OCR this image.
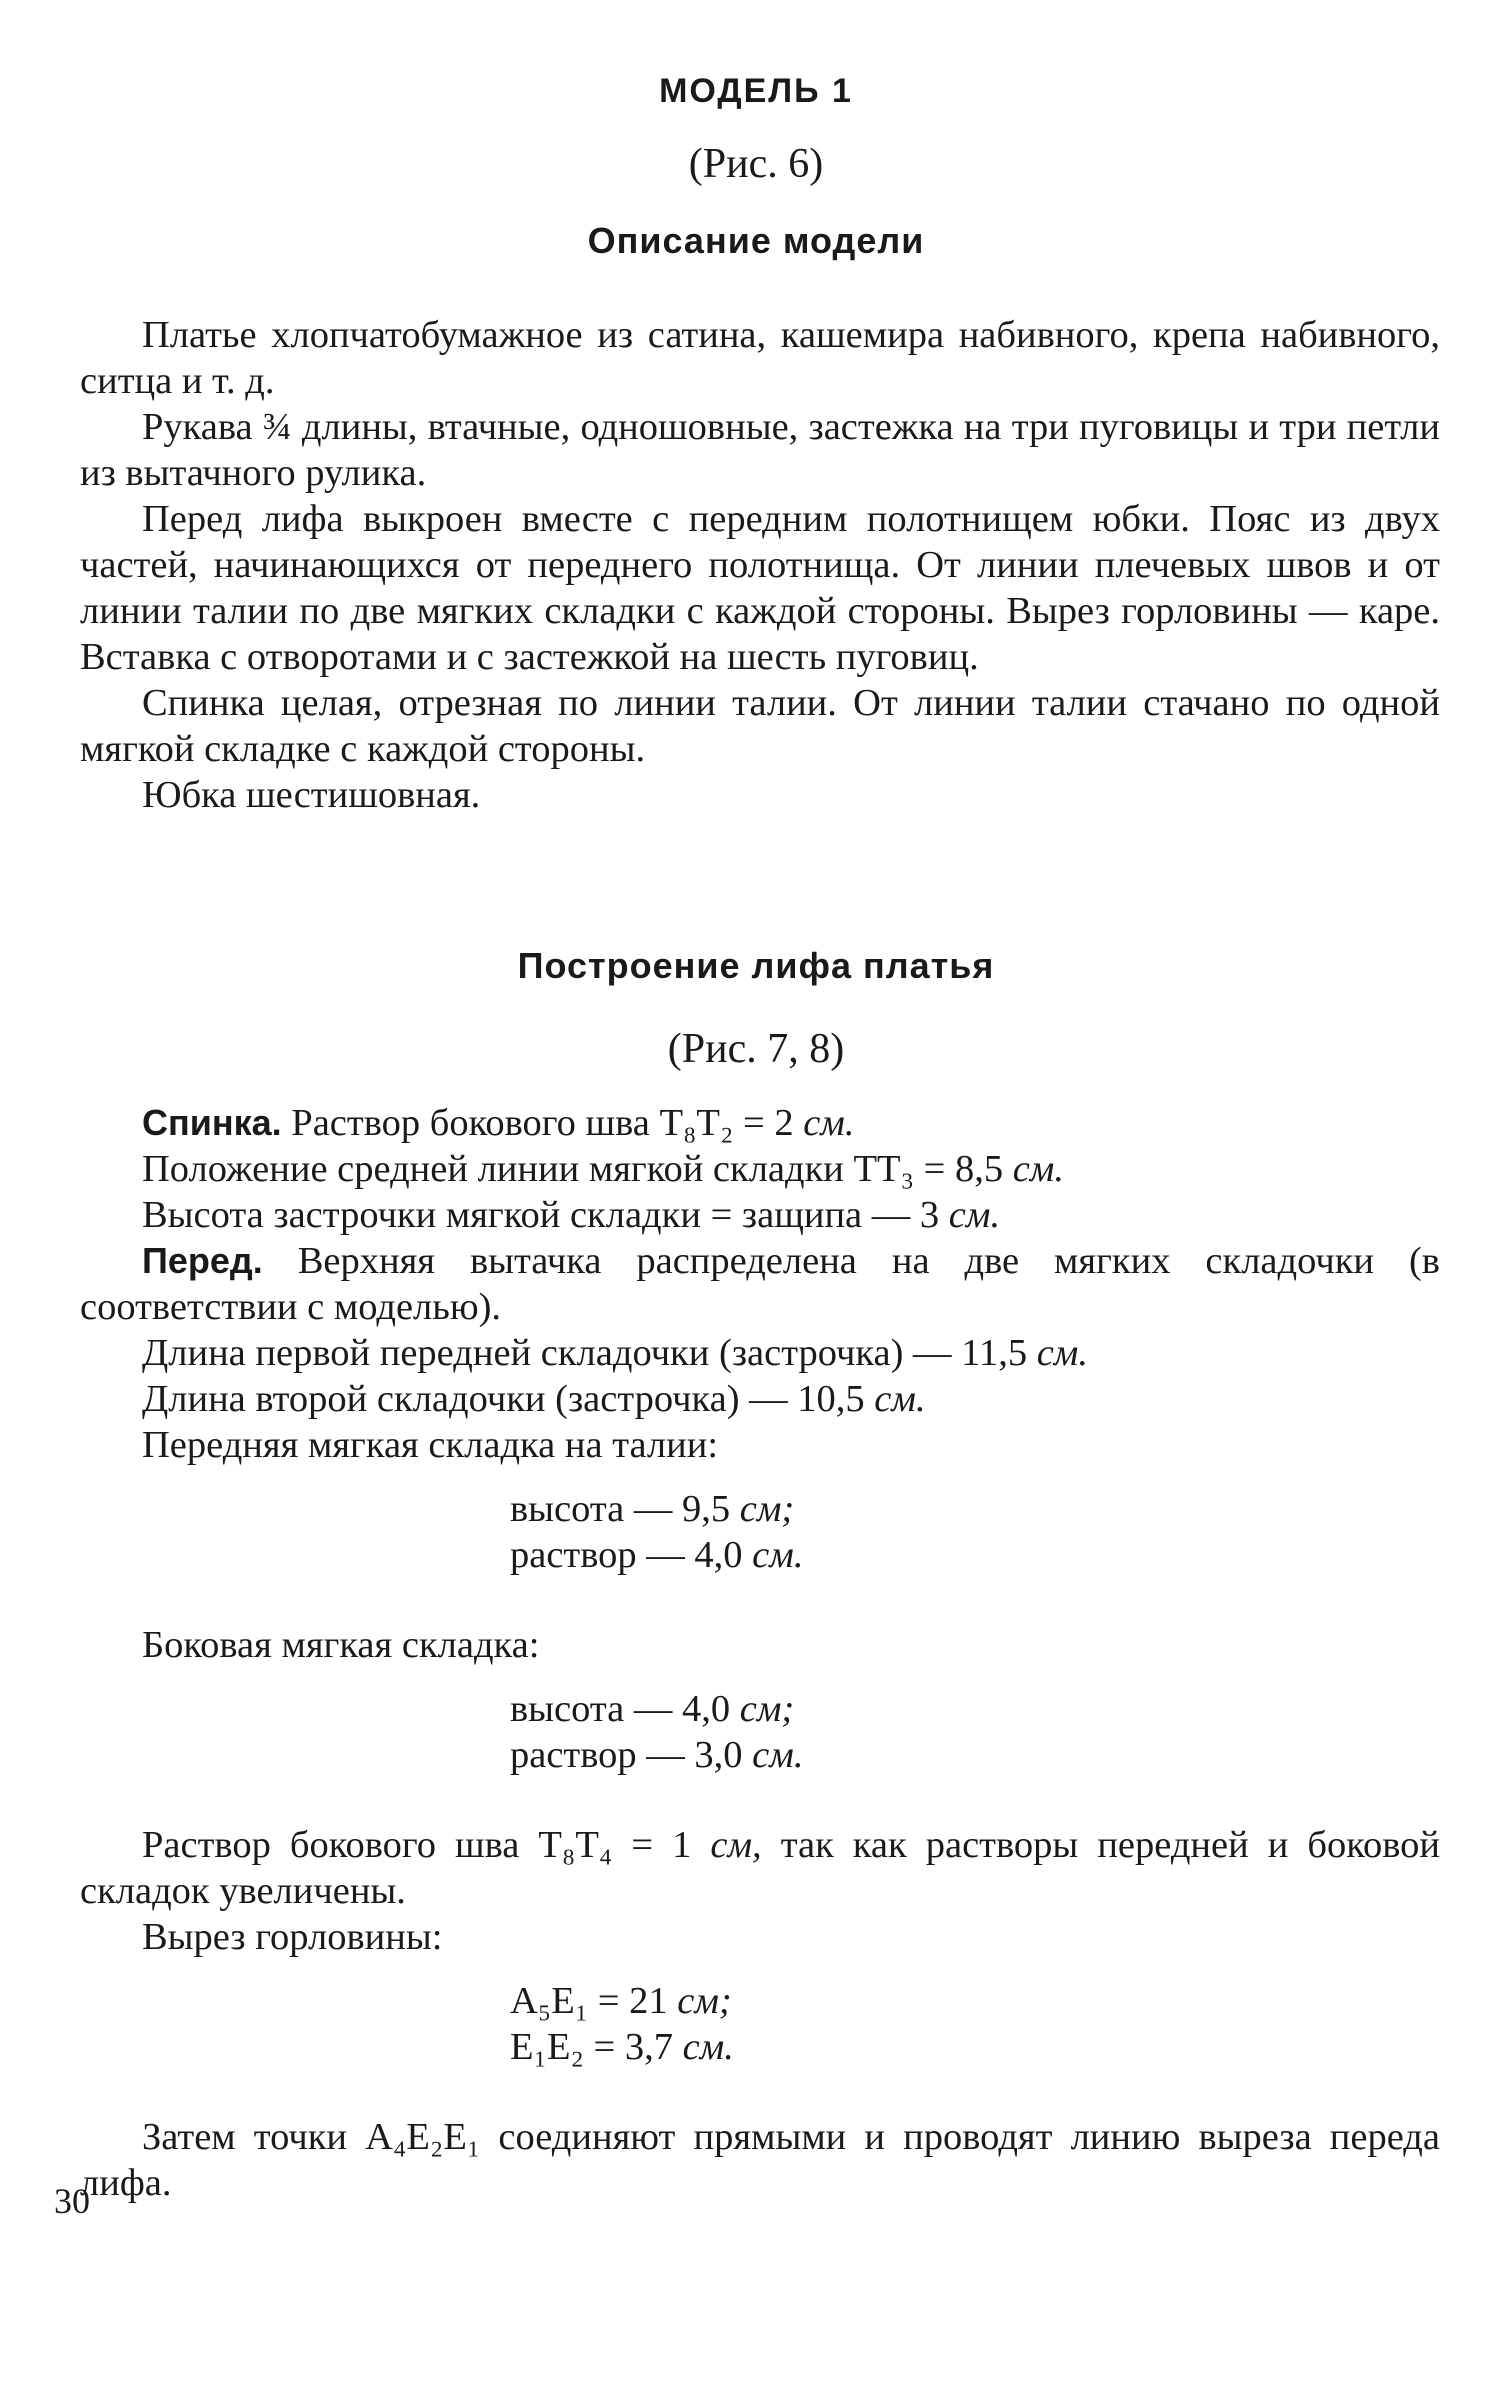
МОДЕЛЬ 1
(Рис. 6)
Описание модели

Платье хлопчатобумажное из сатина, кашемира набивного, крепа набивного, ситца и т. д.

Рукава ¾ длины, втачные, одношовные, застежка на три пуговицы и три петли из вытачного рулика.

Перед лифа выкроен вместе с передним полотнищем юбки. Пояс из двух частей, начинающихся от переднего полотнища. От линии плечевых швов и от линии талии по две мягких складки с каждой стороны. Вырез горловины — каре. Вставка с отворотами и с застежкой на шесть пуговиц.

Спинка целая, отрезная по линии талии. От линии талии стачано по одной мягкой складке с каждой стороны.

Юбка шестишовная.

Построение лифа платья
(Рис. 7, 8)

Спинка. Раствор бокового шва T₈T₂ = 2 см.

Положение средней линии мягкой складки TT₃ = 8,5 см.

Высота застрочки мягкой складки = защипа — 3 см.

Перед. Верхняя вытачка распределена на две мягких складочки (в соответствии с моделью).

Длина первой передней складочки (застрочка) — 11,5 см.

Длина второй складочки (застрочка) — 10,5 см.

Передняя мягкая складка на талии:

высота — 9,5 см;
раствор — 4,0 см.

Боковая мягкая складка:

высота — 4,0 см;
раствор — 3,0 см.

Раствор бокового шва T₈T₄ = 1 см, так как растворы передней и боковой складок увеличены.

Вырез горловины:

A₅E₁ = 21 см;
E₁E₂ = 3,7 см.

Затем точки A₄E₂E₁ соединяют прямыми и проводят линию выреза переда лифа.

30
